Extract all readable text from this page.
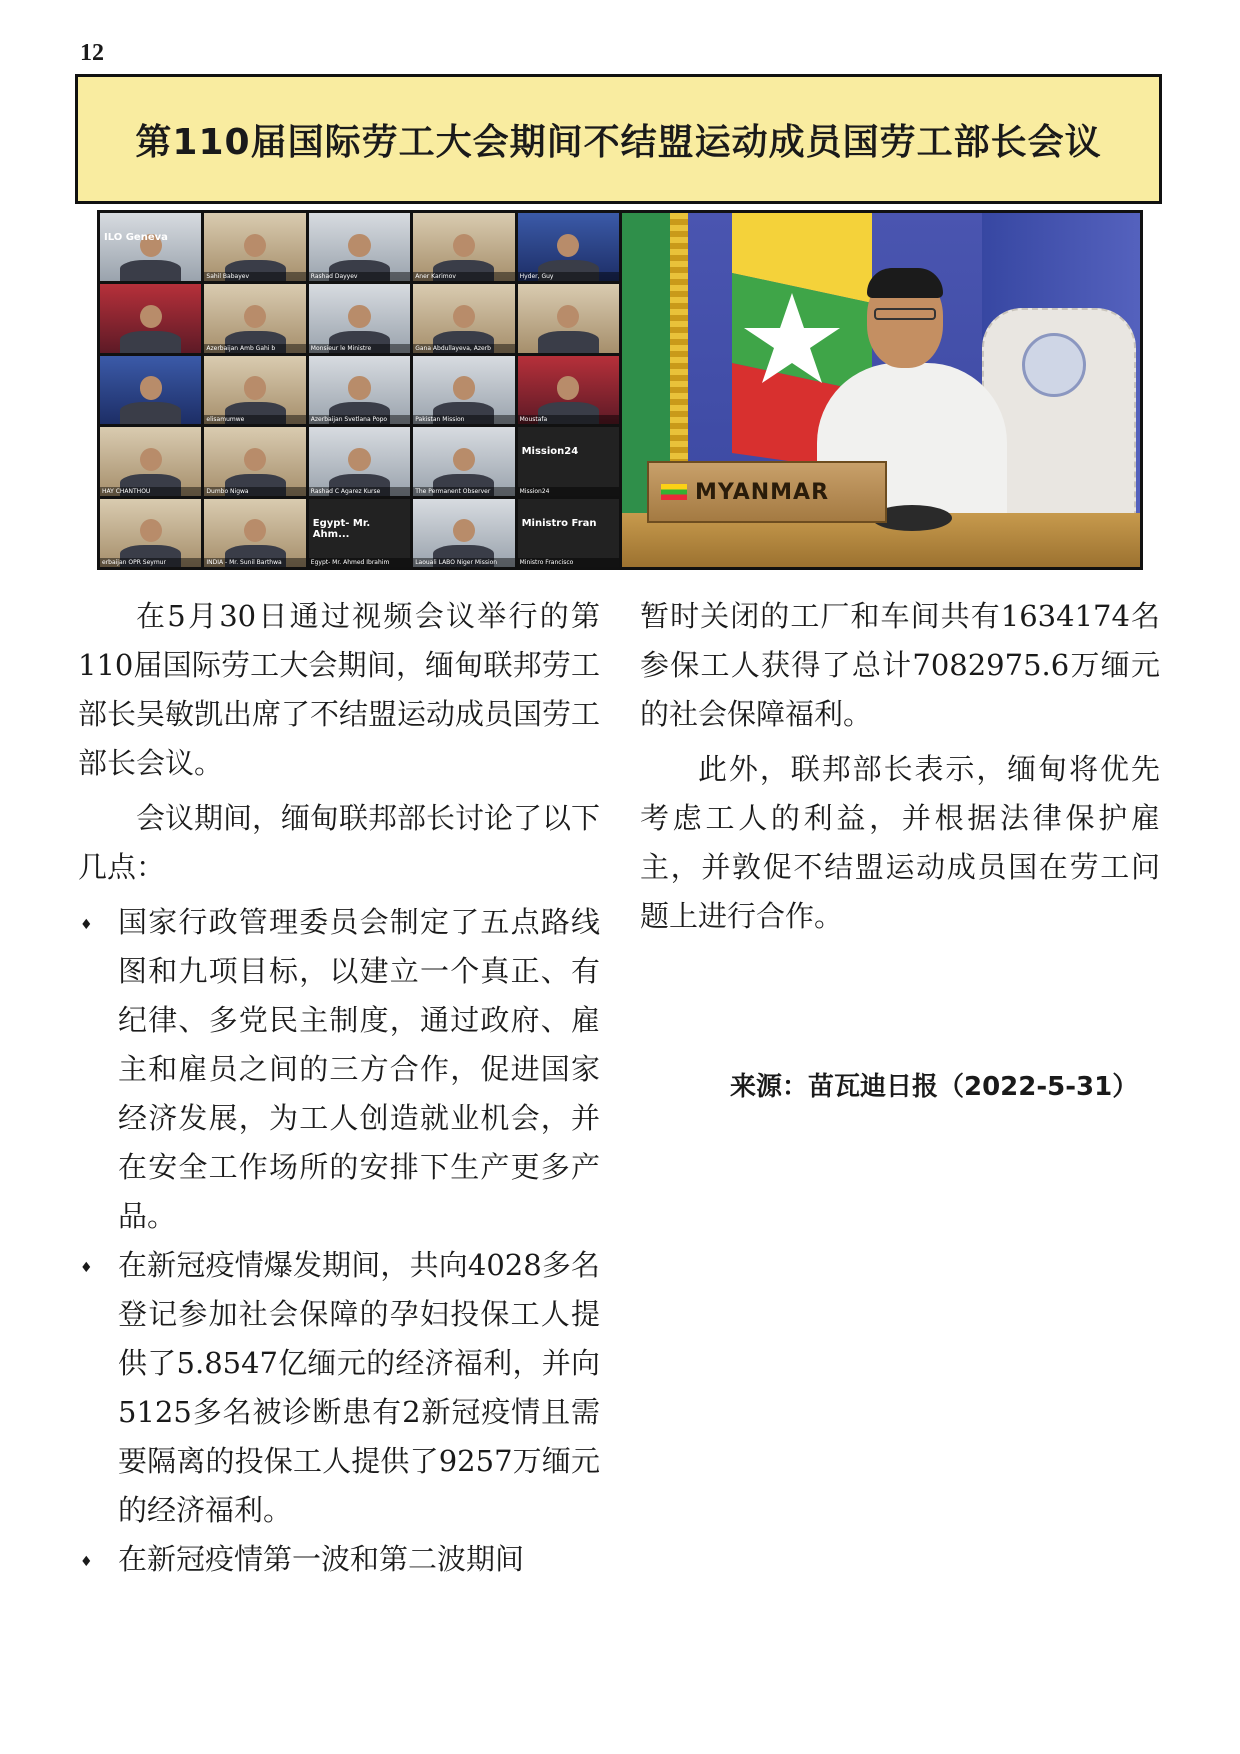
12
第110届国际劳工大会期间不结盟运动成员国劳工部长会议
ILO Geneva
Sahil Babayev	Rashad Dayyev	Aner Karimov	Hyder, Guy
Azerbaijan Amb Gahi b	Monsieur le Ministre	Gana Abdullayeva, Azerb
elisamumwe	Azerbaijan Svetlana Popo	Pakistan Mission	Moustafa
HAY CHANTHOU	Dumbo Nigwa	Rashad C Agarez Kurse	The Permanent Observer
Mission24
Mission24
erbaijan OPR Seymur	INDIA - Mr. Sunil Barthwa
Egypt- Mr. Ahm...
Egypt- Mr. Ahmed Ibrahim	Laouali LABO Niger Mission
Ministro Fran
Ministro Francisco
MYANMAR

在5月30日通过视频会议举行的第110届国际劳工大会期间，缅甸联邦劳工部长吴敏凯出席了不结盟运动成员国劳工部长会议。

会议期间，缅甸联邦部长讨论了以下几点：

♦ 国家行政管理委员会制定了五点路线图和九项目标，以建立一个真正、有纪律、多党民主制度，通过政府、雇主和雇员之间的三方合作，促进国家经济发展，为工人创造就业机会，并在安全工作场所的安排下生产更多产品。
♦ 在新冠疫情爆发期间，共向4028多名登记参加社会保障的孕妇投保工人提供了5.8547亿缅元的经济福利，并向5125多名被诊断患有2新冠疫情且需要隔离的投保工人提供了9257万缅元的经济福利。
♦ 在新冠疫情第一波和第二波期间

暂时关闭的工厂和车间共有1634174名参保工人获得了总计7082975.6万缅元的社会保障福利。

此外，联邦部长表示，缅甸将优先考虑工人的利益，并根据法律保护雇主，并敦促不结盟运动成员国在劳工问题上进行合作。

来源：苗瓦迪日报（2022-5-31）
